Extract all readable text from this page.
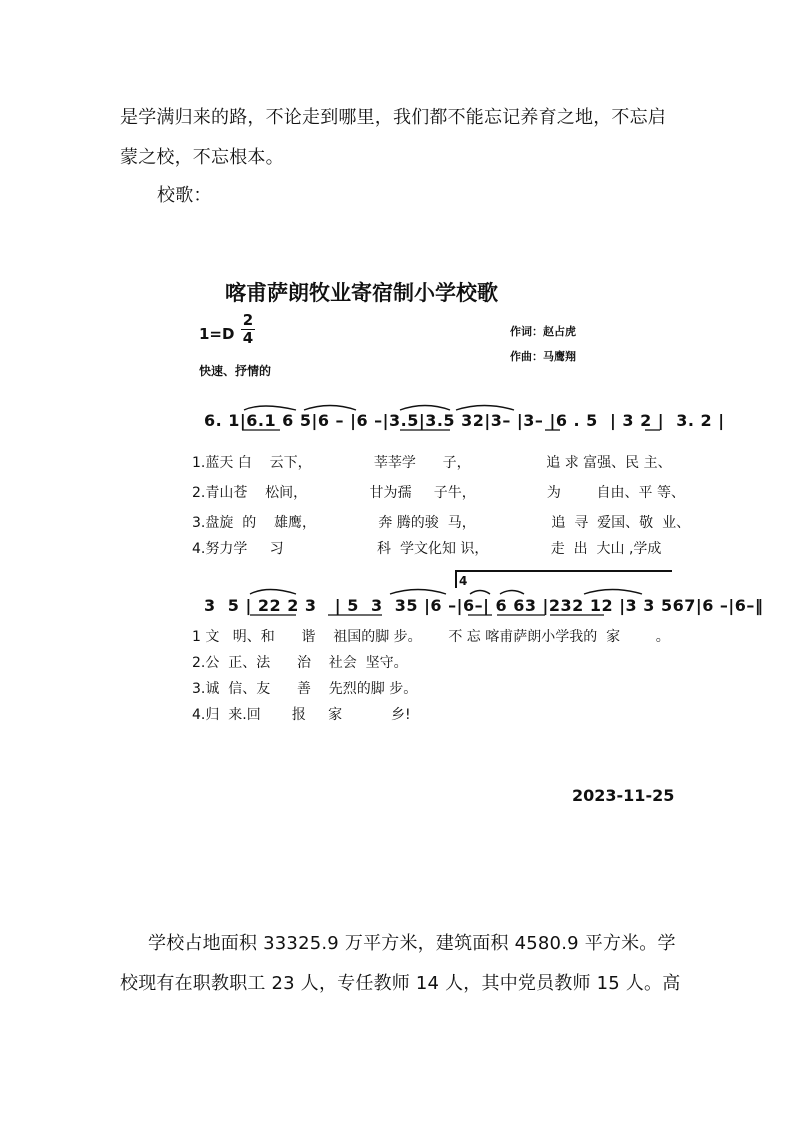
是学满归来的路，不论走到哪里，我们都不能忘记养育之地，不忘启
蒙之校，不忘根本。
校歌：
喀甫萨朗牧业寄宿制小学校歌
1=D
2
4	作词：赵占虎
作曲：马鹰翔
快速、抒情的
6. 1|6.1 6 5|6 – |6 –|3.5|3.5 32|3– |3– |6 . 5  | 3 2 |  3. 2 |
1.蓝天 白    云下，              莘莘学      子，                 追 求 富强、民 主、
2.青山苍    松间，              甘为孺     子牛，                为        自由、平 等、
3.盘旋  的    雄鹰，              奔 腾的骏  马，                 追  寻  爱国、敬  业、
4.努力学     习                     科  学文化知 识，              走  出  大山 ,学成
4
3  5 | 22 2 3   | 5  3  35 |6 –|6–| 6 63 |232 12 |3 3 567|6 –|6–‖
1 文   明、和      谐    祖国的脚 步。      不 忘 喀甫萨朗小学我的  家        。
2.公  正、法      治    社会  坚守。
3.诚  信、友      善    先烈的脚 步。
4.归  来.回       报     家           乡!
2023-11-25
学校占地面积 33325.9 万平方米，建筑面积 4580.9 平方米。学
校现有在职教职工 23 人，专任教师 14 人，其中党员教师 15 人。高
